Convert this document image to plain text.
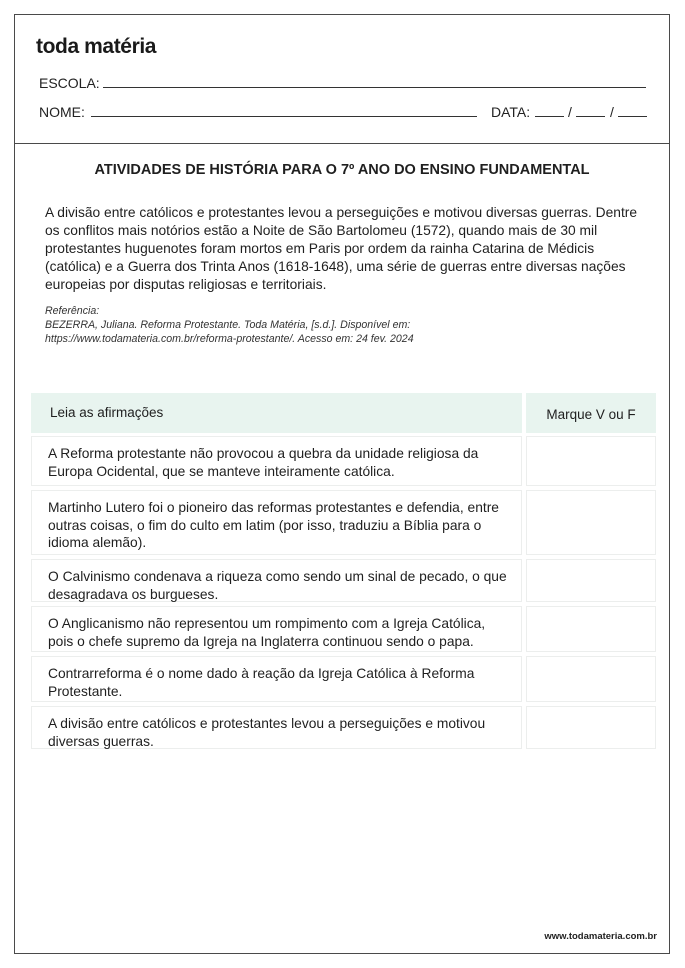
toda matéria
ESCOLA:
NOME:	DATA:	/	/
ATIVIDADES DE HISTÓRIA PARA O 7º ANO DO ENSINO FUNDAMENTAL
A divisão entre católicos e protestantes levou a perseguições e motivou diversas guerras. Dentre os conflitos mais notórios estão a Noite de São Bartolomeu (1572), quando mais de 30 mil protestantes huguenotes foram mortos em Paris por ordem da rainha Catarina de Médicis (católica) e a Guerra dos Trinta Anos (1618-1648), uma série de guerras entre diversas nações europeias por disputas religiosas e territoriais.
Referência:
BEZERRA, Juliana. Reforma Protestante. Toda Matéria, [s.d.]. Disponível em:
https://www.todamateria.com.br/reforma-protestante/. Acesso em: 24 fev. 2024
Leia as afirmações	Marque V ou F
A Reforma protestante não provocou a quebra da unidade religiosa da Europa Ocidental, que se manteve inteiramente católica.
Martinho Lutero foi o pioneiro das reformas protestantes e defendia, entre outras coisas, o fim do culto em latim (por isso, traduziu a Bíblia para o idioma alemão).
O Calvinismo condenava a riqueza como sendo um sinal de pecado, o que desagradava os burgueses.
O Anglicanismo não representou um rompimento com a Igreja Católica, pois o chefe supremo da Igreja na Inglaterra continuou sendo o papa.
Contrarreforma é o nome dado à reação da Igreja Católica à Reforma Protestante.
A divisão entre católicos e protestantes levou a perseguições e motivou diversas guerras.
www.todamateria.com.br
